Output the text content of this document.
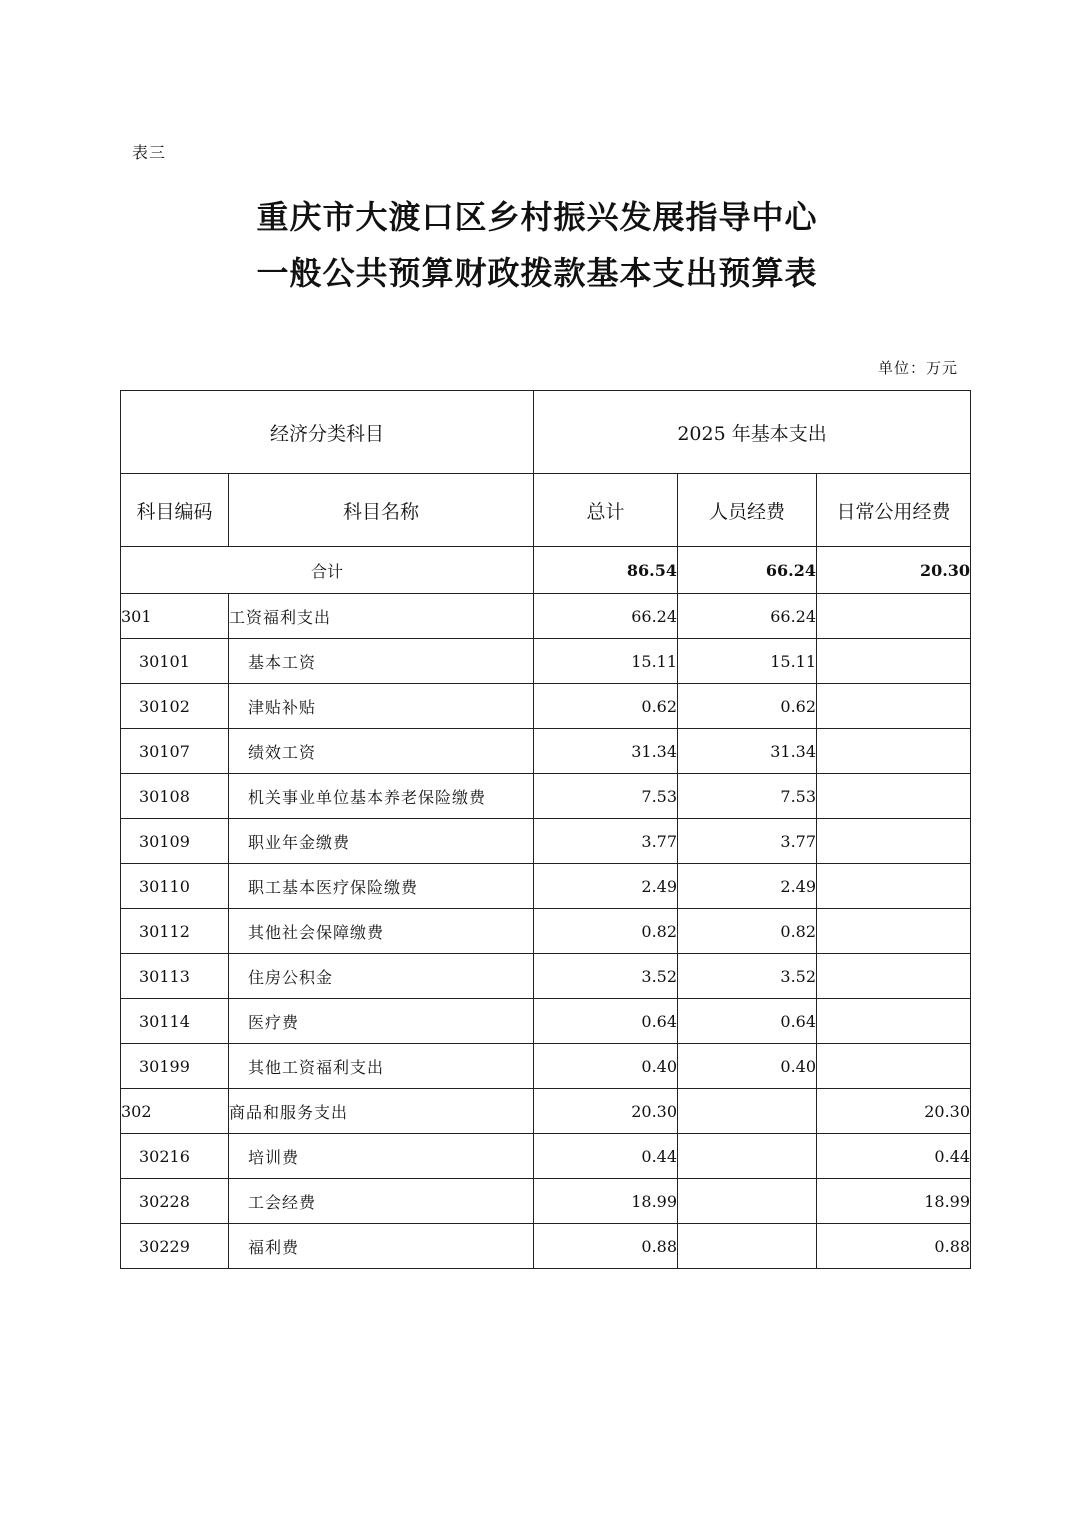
表三
重庆市大渡口区乡村振兴发展指导中心
一般公共预算财政拨款基本支出预算表
单位：万元
经济分类科目		2025 年基本支出		
科目编码	科目名称	总计	人员经费	日常公用经费
合计		86.54	66.24	20.30
301	工资福利支出	66.24	66.24	
30101	基本工资	15.11	15.11	
30102	津贴补贴	0.62	0.62	
30107	绩效工资	31.34	31.34	
30108	机关事业单位基本养老保险缴费	7.53	7.53	
30109	职业年金缴费	3.77	3.77	
30110	职工基本医疗保险缴费	2.49	2.49	
30112	其他社会保障缴费	0.82	0.82	
30113	住房公积金	3.52	3.52	
30114	医疗费	0.64	0.64	
30199	其他工资福利支出	0.40	0.40	
302	商品和服务支出	20.30		20.30
30216	培训费	0.44		0.44
30228	工会经费	18.99		18.99
30229	福利费	0.88		0.88
